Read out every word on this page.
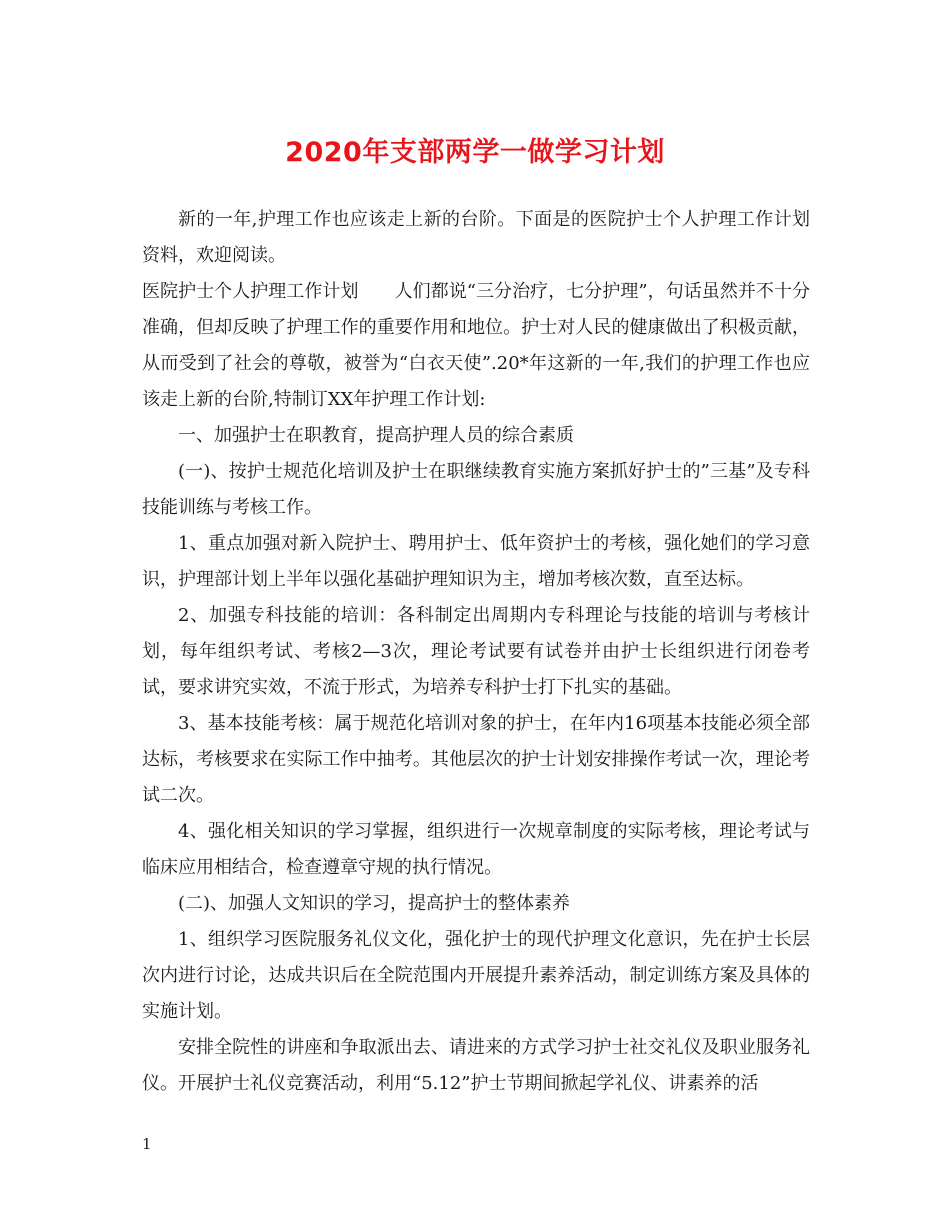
2020年支部两学一做学习计划

新的一年,护理工作也应该走上新的台阶。下面是的医院护士个人护理工作计划资料，欢迎阅读。

医院护士个人护理工作计划　　人们都说“三分治疗，七分护理”，句话虽然并不十分准确，但却反映了护理工作的重要作用和地位。护士对人民的健康做出了积极贡献，从而受到了社会的尊敬，被誉为“白衣天使”.20*年这新的一年,我们的护理工作也应该走上新的台阶,特制订XX年护理工作计划:

一、加强护士在职教育，提高护理人员的综合素质

(一)、按护士规范化培训及护士在职继续教育实施方案抓好护士的”三基”及专科技能训练与考核工作。

1、重点加强对新入院护士、聘用护士、低年资护士的考核，强化她们的学习意识，护理部计划上半年以强化基础护理知识为主，增加考核次数，直至达标。

2、加强专科技能的培训：各科制定出周期内专科理论与技能的培训与考核计划，每年组织考试、考核2—3次，理论考试要有试卷并由护士长组织进行闭卷考试，要求讲究实效，不流于形式，为培养专科护士打下扎实的基础。

3、基本技能考核：属于规范化培训对象的护士，在年内16项基本技能必须全部达标，考核要求在实际工作中抽考。其他层次的护士计划安排操作考试一次，理论考试二次。

4、强化相关知识的学习掌握，组织进行一次规章制度的实际考核，理论考试与临床应用相结合，检查遵章守规的执行情况。

(二)、加强人文知识的学习，提高护士的整体素养

1、组织学习医院服务礼仪文化，强化护士的现代护理文化意识，先在护士长层次内进行讨论，达成共识后在全院范围内开展提升素养活动，制定训练方案及具体的实施计划。

安排全院性的讲座和争取派出去、请进来的方式学习护士社交礼仪及职业服务礼仪。开展护士礼仪竞赛活动，利用“5.12”护士节期间掀起学礼仪、讲素养的活

1
